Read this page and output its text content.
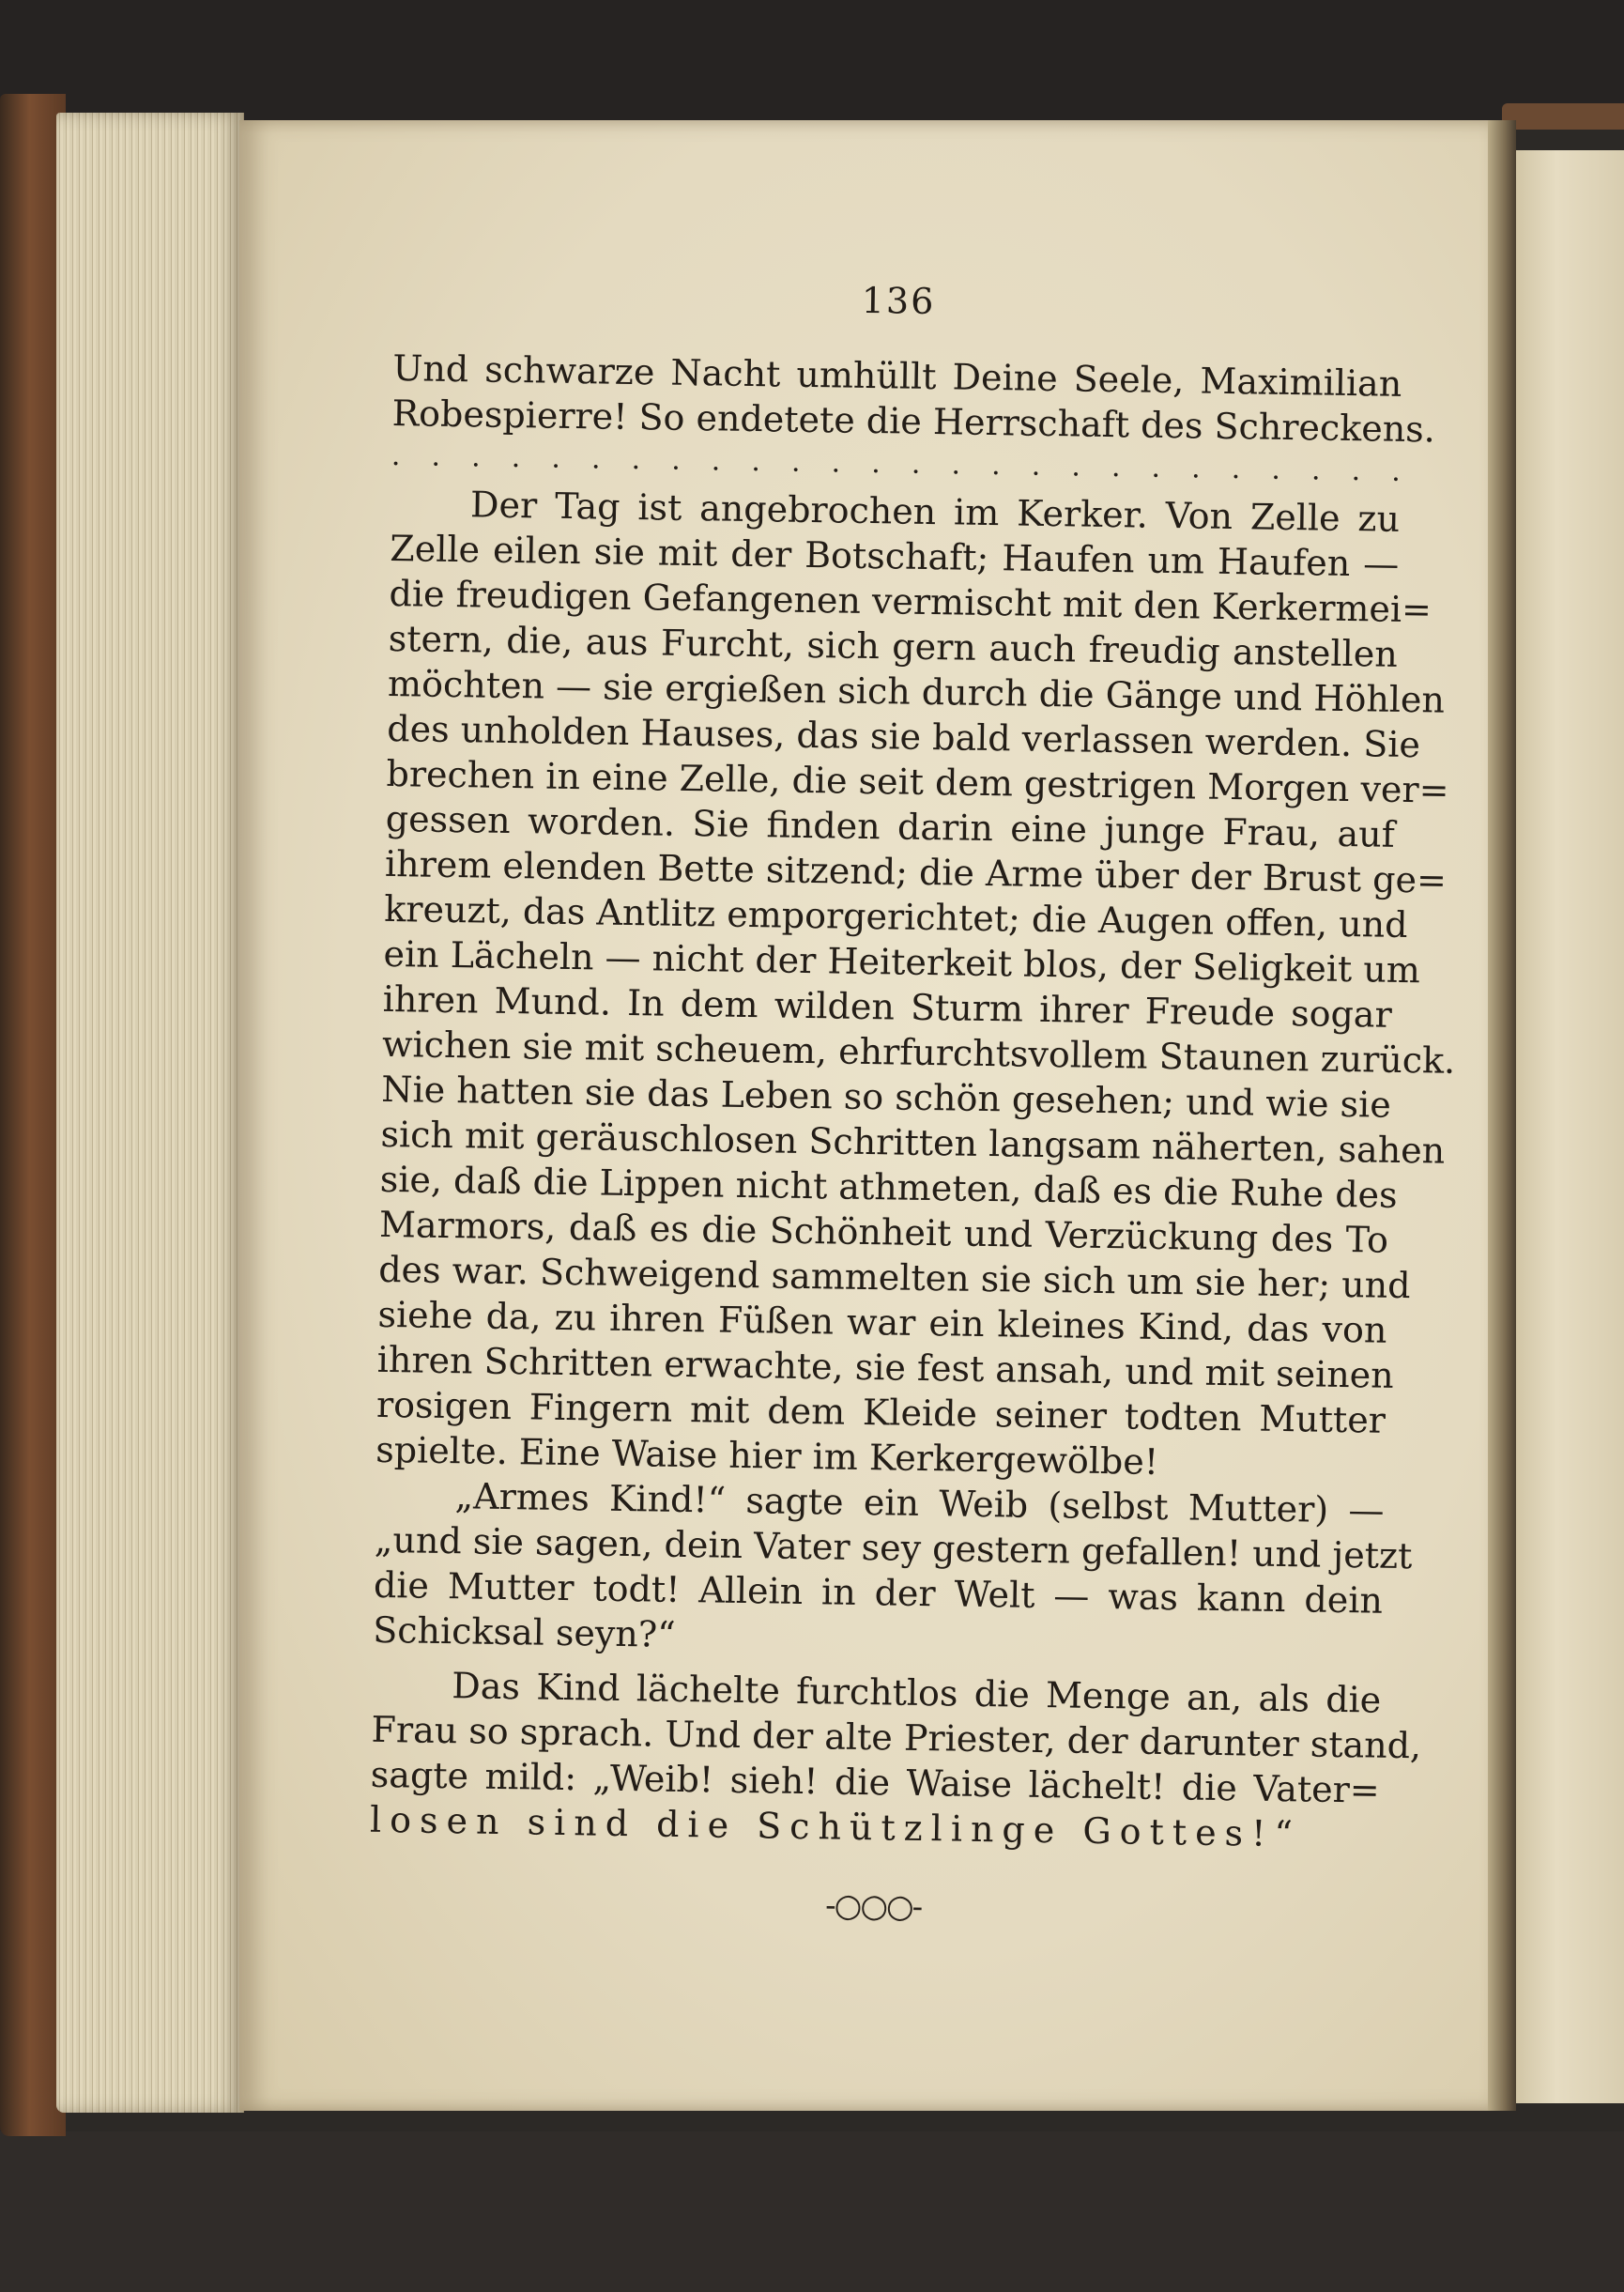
136
Und schwarze Nacht umhüllt Deine Seele, Maximilian
Robespierre! So endetete die Herrschaft des Schreckens.
. . . . . . . . . . . . . . . . . . . . . . . . . .
Der Tag ist angebrochen im Kerker. Von Zelle zu
Zelle eilen sie mit der Botschaft; Haufen um Haufen —
die freudigen Gefangenen vermischt mit den Kerkermei=
stern, die, aus Furcht, sich gern auch freudig anstellen
möchten — sie ergießen sich durch die Gänge und Höhlen
des unholden Hauses, das sie bald verlassen werden. Sie
brechen in eine Zelle, die seit dem gestrigen Morgen ver=
gessen worden. Sie finden darin eine junge Frau, auf
ihrem elenden Bette sitzend; die Arme über der Brust ge=
kreuzt, das Antlitz emporgerichtet; die Augen offen, und
ein Lächeln — nicht der Heiterkeit blos, der Seligkeit um
ihren Mund. In dem wilden Sturm ihrer Freude sogar
wichen sie mit scheuem, ehrfurchtsvollem Staunen zurück.
Nie hatten sie das Leben so schön gesehen; und wie sie
sich mit geräuschlosen Schritten langsam näherten, sahen
sie, daß die Lippen nicht athmeten, daß es die Ruhe des
Marmors, daß es die Schönheit und Verzückung des To
des war. Schweigend sammelten sie sich um sie her; und
siehe da, zu ihren Füßen war ein kleines Kind, das von
ihren Schritten erwachte, sie fest ansah, und mit seinen
rosigen Fingern mit dem Kleide seiner todten Mutter
spielte. Eine Waise hier im Kerkergewölbe!
„Armes Kind!“ sagte ein Weib (selbst Mutter) —
„und sie sagen, dein Vater sey gestern gefallen! und jetzt
die Mutter todt! Allein in der Welt — was kann dein
Schicksal seyn?“
Das Kind lächelte furchtlos die Menge an, als die
Frau so sprach. Und der alte Priester, der darunter stand,
sagte mild: „Weib! sieh! die Waise lächelt! die Vater=
losen sind die Schützlinge Gottes!“
-○○○-
